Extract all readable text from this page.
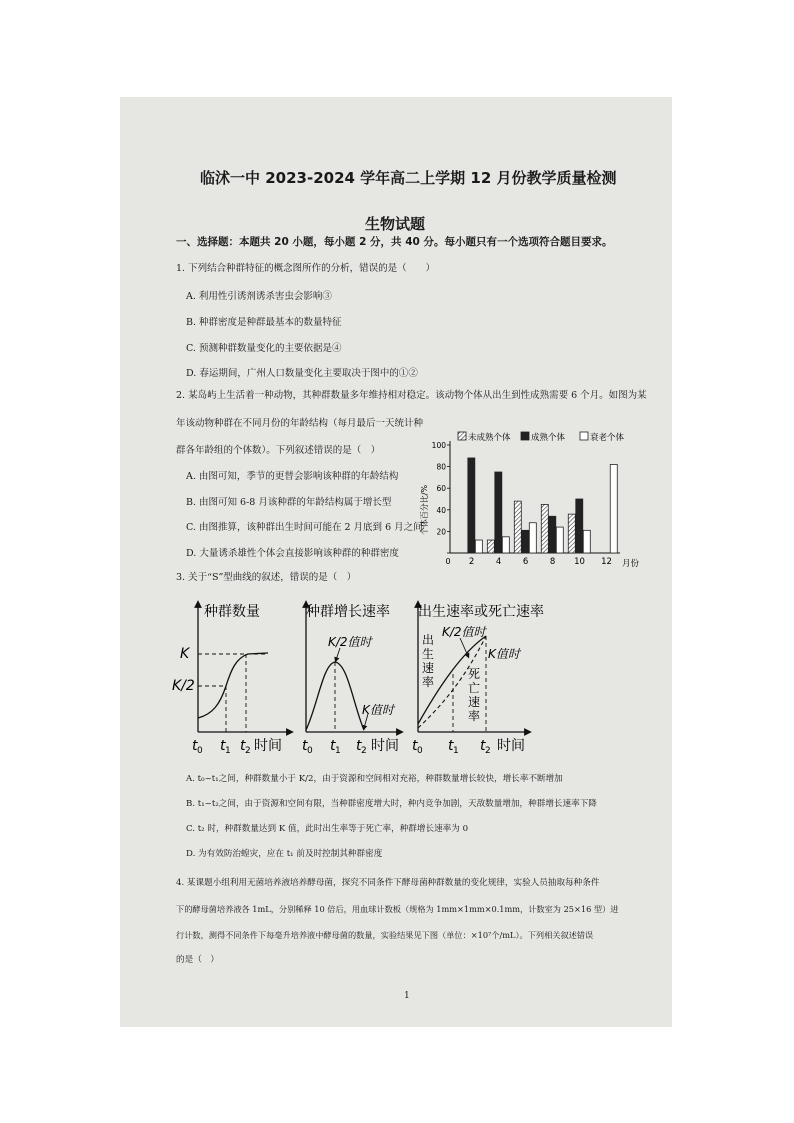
临沭一中 2023-2024 学年高二上学期 12 月份教学质量检测
生物试题
一、选择题：本题共 20 小题，每小题 2 分，共 40 分。每小题只有一个选项符合题目要求。
1. 下列结合种群特征的概念图所作的分析，错误的是（　　）
A. 利用性引诱剂诱杀害虫会影响③
B. 种群密度是种群最基本的数量特征
C. 预测种群数量变化的主要依据是④
D. 春运期间，广州人口数量变化主要取决于图中的①②
2. 某岛屿上生活着一种动物，其种群数量多年维持相对稳定。该动物个体从出生到性成熟需要 6 个月。如图为某
年该动物种群在不同月份的年龄结构（每月最后一天统计种
群各年龄组的个体数）。下列叙述错误的是（　）
A. 由图可知，季节的更替会影响该种群的年龄结构
B. 由图可知 6-8 月该种群的年龄结构属于增长型
C. 由图推算，该种群出生时间可能在 2 月底到 6 月之间
D. 大量诱杀雄性个体会直接影响该种群的种群密度
未成熟个体 成熟个体	衰老个体
个体百分比/% 20
40
60
80
100
0 2	4	6	8 10 12 月份
3. 关于“S”型曲线的叙述，错误的是（　）
种群数量
K
K/2
t 0 t 1 t 2 时间
种群增长速率
K/2值时
K值时
t 0 t 1 t 2 时间
出生速率或死亡速率
K/2值时
K值时
出
生
速
率
死
亡
速
率
t 0 t 1 t 2 时间
A. t₀~t₁之间，种群数量小于 K/2，由于资源和空间相对充裕，种群数量增长较快，增长率不断增加
B. t₁~t₂之间，由于资源和空间有限，当种群密度增大时，种内竞争加剧，天敌数量增加，种群增长速率下降
C. t₂ 时，种群数量达到 K 值，此时出生率等于死亡率，种群增长速率为 0
D. 为有效防治蝗灾，应在 t₁ 前及时控制其种群密度
4. 某课题小组利用无菌培养液培养酵母菌，探究不同条件下酵母菌种群数量的变化规律，实验人员抽取每种条件
下的酵母菌培养液各 1mL，分别稀释 10 倍后，用血球计数板（规格为 1mm×1mm×0.1mm，计数室为 25×16 型）进
行计数，测得不同条件下每毫升培养液中酵母菌的数量，实验结果见下图（单位：×10⁷个/mL）。下列相关叙述错误
的是（　）
1
